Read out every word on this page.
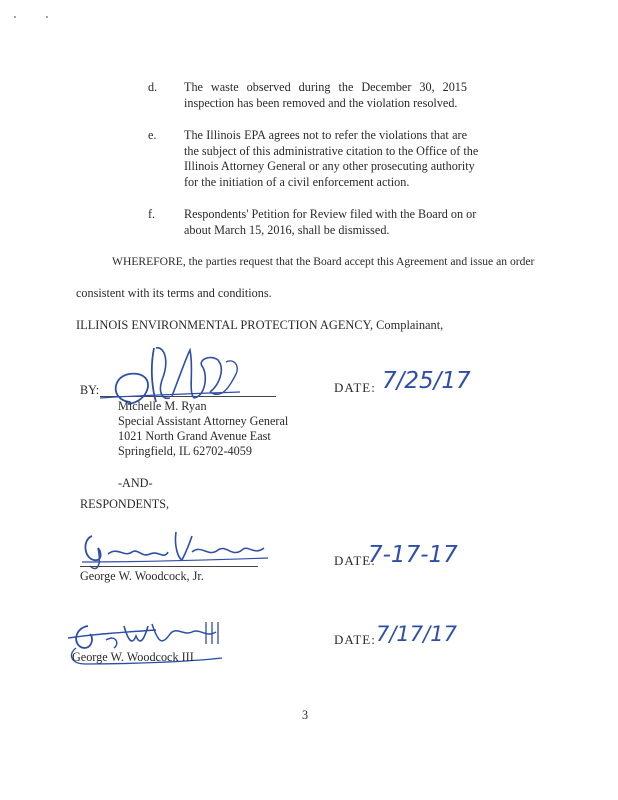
d. The waste observed during the December 30, 2015
inspection has been removed and the violation resolved.
e. The Illinois EPA agrees not to refer the violations that are
the subject of this administrative citation to the Office of the
Illinois Attorney General or any other prosecuting authority
for the initiation of a civil enforcement action.
f. Respondents' Petition for Review filed with the Board on or
about March 15, 2016, shall be dismissed.
WHEREFORE, the parties request that the Board accept this Agreement and issue an order
consistent with its terms and conditions.
ILLINOIS ENVIRONMENTAL PROTECTION AGENCY, Complainant,
BY:
Michelle M. Ryan
Special Assistant Attorney General
1021 North Grand Avenue East
Springfield, IL 62702-4059
DATE: 7/25/17
-AND-
RESPONDENTS,
George W. Woodcock, Jr.
DATE:
7-17-17
George W. Woodcock III
DATE: 7/17/17
3
